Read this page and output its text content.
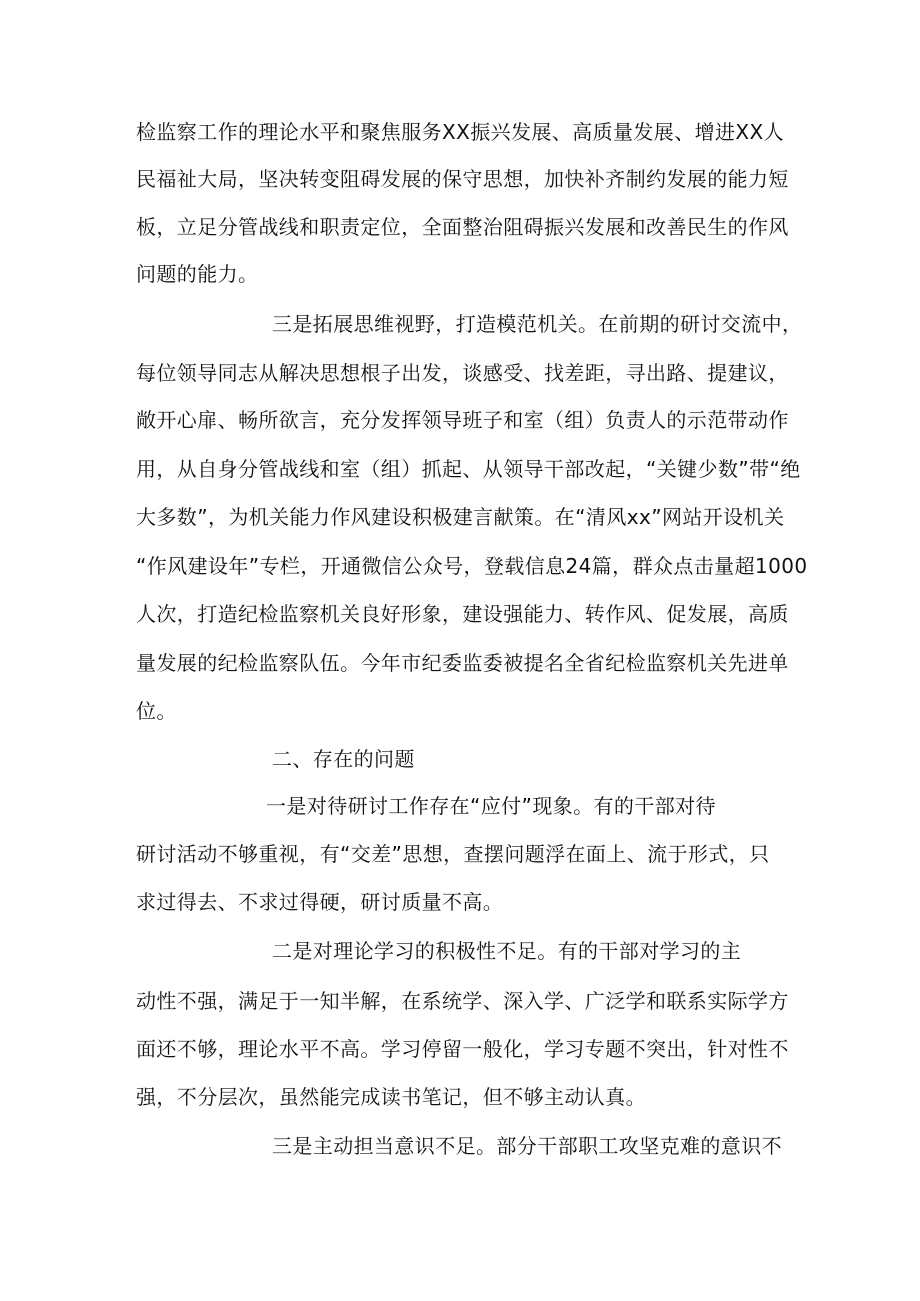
检监察工作的理论水平和聚焦服务XX振兴发展、高质量发展、增进XX人
民福祉大局，坚决转变阻碍发展的保守思想，加快补齐制约发展的能力短
板，立足分管战线和职责定位，全面整治阻碍振兴发展和改善民生的作风
问题的能力。
三是拓展思维视野，打造模范机关。在前期的研讨交流中，
每位领导同志从解决思想根子出发，谈感受、找差距，寻出路、提建议，
敞开心扉、畅所欲言，充分发挥领导班子和室（组）负责人的示范带动作
用，从自身分管战线和室（组）抓起、从领导干部改起，“关键少数”带“绝
大多数”，为机关能力作风建设积极建言献策。在“清风xx”网站开设机关
“作风建设年”专栏，开通微信公众号，登载信息24篇，群众点击量超1000
人次，打造纪检监察机关良好形象，建设强能力、转作风、促发展，高质
量发展的纪检监察队伍。今年市纪委监委被提名全省纪检监察机关先进单
位。
二、存在的问题
一是对待研讨工作存在“应付”现象。有的干部对待
研讨活动不够重视，有“交差”思想，查摆问题浮在面上、流于形式，只
求过得去、不求过得硬，研讨质量不高。
二是对理论学习的积极性不足。有的干部对学习的主
动性不强，满足于一知半解，在系统学、深入学、广泛学和联系实际学方
面还不够，理论水平不高。学习停留一般化，学习专题不突出，针对性不
强，不分层次，虽然能完成读书笔记，但不够主动认真。
三是主动担当意识不足。部分干部职工攻坚克难的意识不
